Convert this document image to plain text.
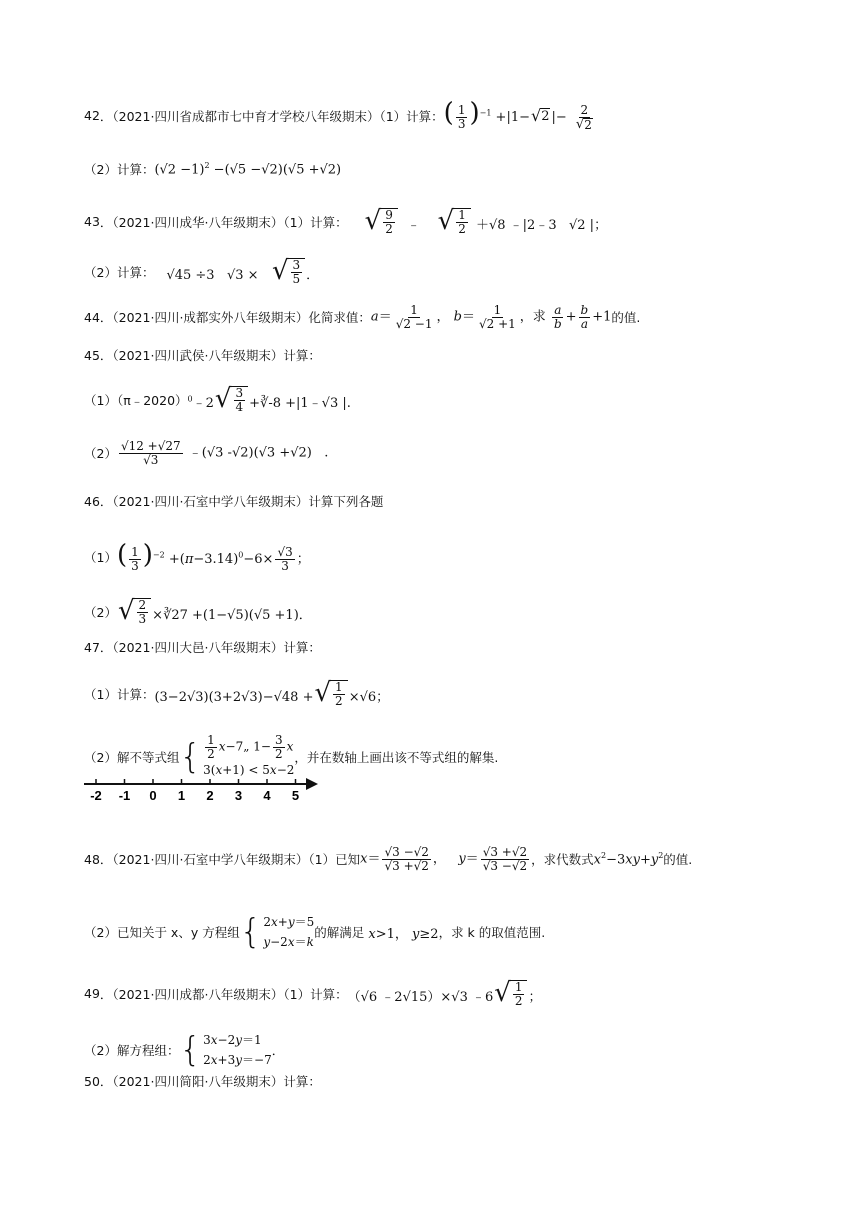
42 ．（2021·四川省成都市七中育才学校八年级期末）（1）计算： ( $\frac{1}{3} )^{-1} +|1-$ √ 2 |− $\frac{2}{√ 2}$
（2）计算： $(√2 -1)^2 -(√5 -√2)(√5 +√2)$
43 ．（2021·四川成华·八年级期末）（1）计算： √ $\frac{9}{2}$ ﹣ √ $\frac{1}{2} +√8$ ﹣|2﹣3   √2 |；
（2）计算： √45 ÷3   √3 × √ $\frac{3}{5}$ ．
44 ．（2021·四川·成都实外八年级期末）化简求值： $a= \frac{1}{√2 -1}$ ， $b= \frac{1}{√2 +1}$ ，求 $\frac{a}{b} + \frac{b}{a} +1$ 的值.
45 ．（2021·四川武侯·八年级期末）计算：
（1）（π﹣2020） $^0$﹣2 √ $\frac{3}{4}$ +∛-8 +|1﹣√3 |.
$(2) \frac{√12 +√27}{√3}$ ﹣(√3 -√2)(√3 +√2)   .
46 ．（2021·四川·石室中学八年级期末）计算下列各题
（1） ( $\frac{1}{3} )^{-2} +(\pi-3.14)^0-6\times \frac{√3}{3}$ ；
（2） √ $\frac{2}{3}$ ×∛27 +(1−√5)(√5 +1)．
47 ．（2021·四川大邑·八年级期末）计算：
（1）计算： (3−2√3)(3+2√3)−√48 + √ $\frac{1}{2} \times√6$；
（2）解不等式组 { $\frac{1}{2}$ x−7„ $1- \frac{3}{2}$ x
3(x+1) < 5x−2
，并在数轴上画出该不等式组的解集.
-2 -1 0 1 2 3 4 5
48 ．（2021·四川·石室中学八年级期末）（1）已知 $x= \frac{√3 -√2}{√3 +√2}$ ，   $y= \frac{√3 +√2}{√3 -√2}$ ，求代数式 $x^2-3xy+y^2$ 的值.
（2）已知关于 x、y 方程组 { 2x+y＝5
y−2x＝k
的解满足 x>1， y≥2 ，求 k 的取值范围.
49 ．（2021·四川成都·八年级期末）（1）计算： （√6 ﹣2√15）×√3 ﹣6 √ $\frac{1}{2}$ ；
（2）解方程组： { 3x−2y＝1
2x+3y＝−7
．
50 ．（2021·四川简阳·八年级期末）计算：
